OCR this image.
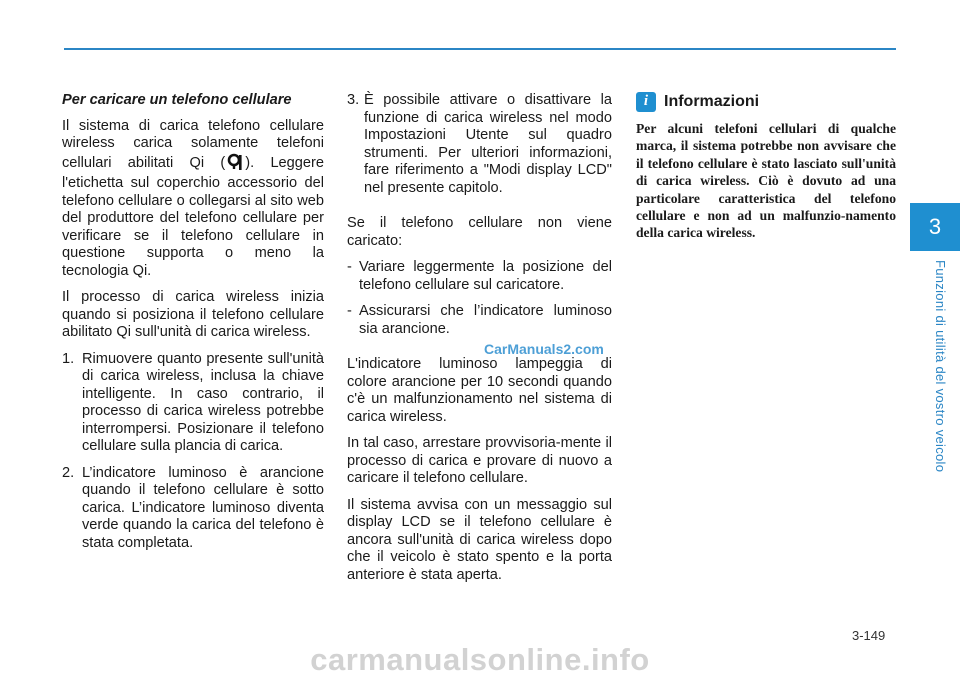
3
Funzioni di utilità del vostro veicolo
Per caricare un telefono cellulare

Il sistema di carica telefono cellulare wireless carica solamente telefoni cellulari abilitati Qi ( ). Leggere l'etichetta sul coperchio accessorio del telefono cellulare o collegarsi al sito web del produttore del telefono cellulare per verificare se il telefono cellulare in questione supporta o meno la tecnologia Qi.

Il processo di carica wireless inizia quando si posiziona il telefono cellulare abilitato Qi sull'unità di carica wireless.

1. Rimuovere quanto presente sull'unità di carica wireless, inclusa la chiave intelligente. In caso contrario, il processo di carica wireless potrebbe interrompersi. Posizionare il telefono cellulare sulla plancia di carica.
2. L’indicatore luminoso è arancione quando il telefono cellulare è sotto carica. L’indicatore luminoso diventa verde quando la carica del telefono è stata completata.
3. È possibile attivare o disattivare la funzione di carica wireless nel modo Impostazioni Utente sul quadro strumenti. Per ulteriori informazioni, fare riferimento a "Modi display LCD" nel presente capitolo.

Se il telefono cellulare non viene caricato:

- Variare leggermente la posizione del telefono cellulare sul caricatore.
- Assicurarsi che l’indicatore luminoso sia arancione.

L'indicatore luminoso lampeggia di colore arancione per 10 secondi quando c'è un malfunzionamento nel sistema di carica wireless.

In tal caso, arrestare provvisoria-mente il processo di carica e provare di nuovo a caricare il telefono cellulare.

Il sistema avvisa con un messaggio sul display LCD se il telefono cellulare è ancora sull'unità di carica wireless dopo che il veicolo è stato spento e la porta anteriore è stata aperta.

i Informazioni

Per alcuni telefoni cellulari di qualche marca, il sistema potrebbe non avvisare che il telefono cellulare è stato lasciato sull'unità di carica wireless. Ciò è dovuto ad una particolare caratteristica del telefono cellulare e non ad un malfunzio-namento della carica wireless.

CarManuals2.com
3-149
carmanualsonline.info
